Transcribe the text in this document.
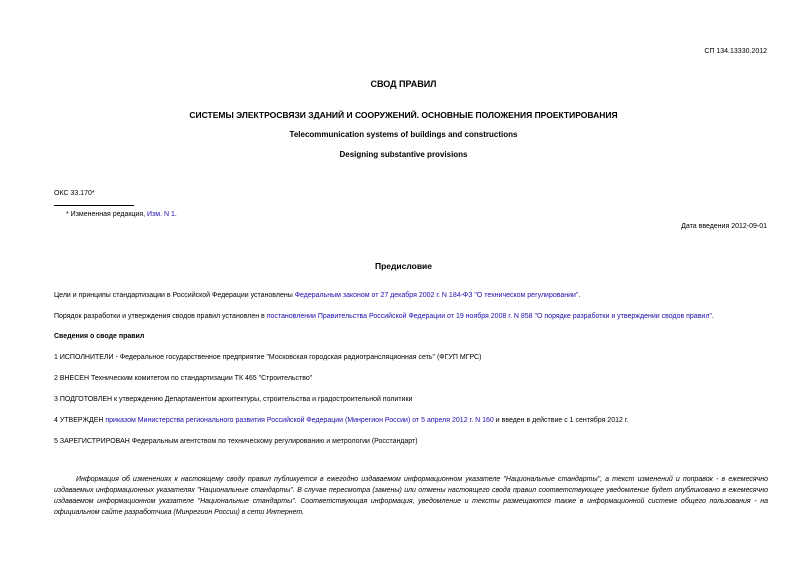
СП 134.13330.2012
СВОД ПРАВИЛ
СИСТЕМЫ ЭЛЕКТРОСВЯЗИ ЗДАНИЙ И СООРУЖЕНИЙ. ОСНОВНЫЕ ПОЛОЖЕНИЯ ПРОЕКТИРОВАНИЯ
Telecommunication systems of buildings and constructions
Designing substantive provisions
ОКС 33.170*
* Измененная редакция, Изм. N 1.
Дата введения 2012-09-01
Предисловие
Цели и принципы стандартизации в Российской Федерации установлены Федеральным законом от 27 декабря 2002 г. N 184-ФЗ "О техническом регулировании".
Порядок разработки и утверждения сводов правил установлен в постановлении Правительства Российской Федерации от 19 ноября 2008 г. N 858 "О порядке разработки и утверждении сводов правил".
Сведения о своде правил
1 ИСПОЛНИТЕЛИ - Федеральное государственное предприятие "Московская городская радиотрансляционная сеть" (ФГУП МГРС)
2 ВНЕСЕН Техническим комитетом по стандартизации ТК 465 "Строительство"
3 ПОДГОТОВЛЕН к утверждению Департаментом архитектуры, строительства и градостроительной политики
4 УТВЕРЖДЕН приказом Министерства регионального развития Российской Федерации (Минрегион России) от 5 апреля 2012 г. N 160 и введен в действие с 1 сентября 2012 г.
5 ЗАРЕГИСТРИРОВАН Федеральным агентством по техническому регулированию и метрологии (Росстандарт)
Информация об изменениях к настоящему своду правил публикуется в ежегодно издаваемом информационном указателе "Национальные стандарты", а текст изменений и поправок - в ежемесячно издаваемых информационных указателях "Национальные стандарты". В случае пересмотра (замены) или отмены настоящего свода правил соответствующее уведомление будет опубликовано в ежемесячно издаваемом информационном указателе "Национальные стандарты". Соответствующая информация, уведомление и тексты размещаются также в информационной системе общего пользования - на официальном сайте разработчика (Минрегион России) в сети Интернет.
